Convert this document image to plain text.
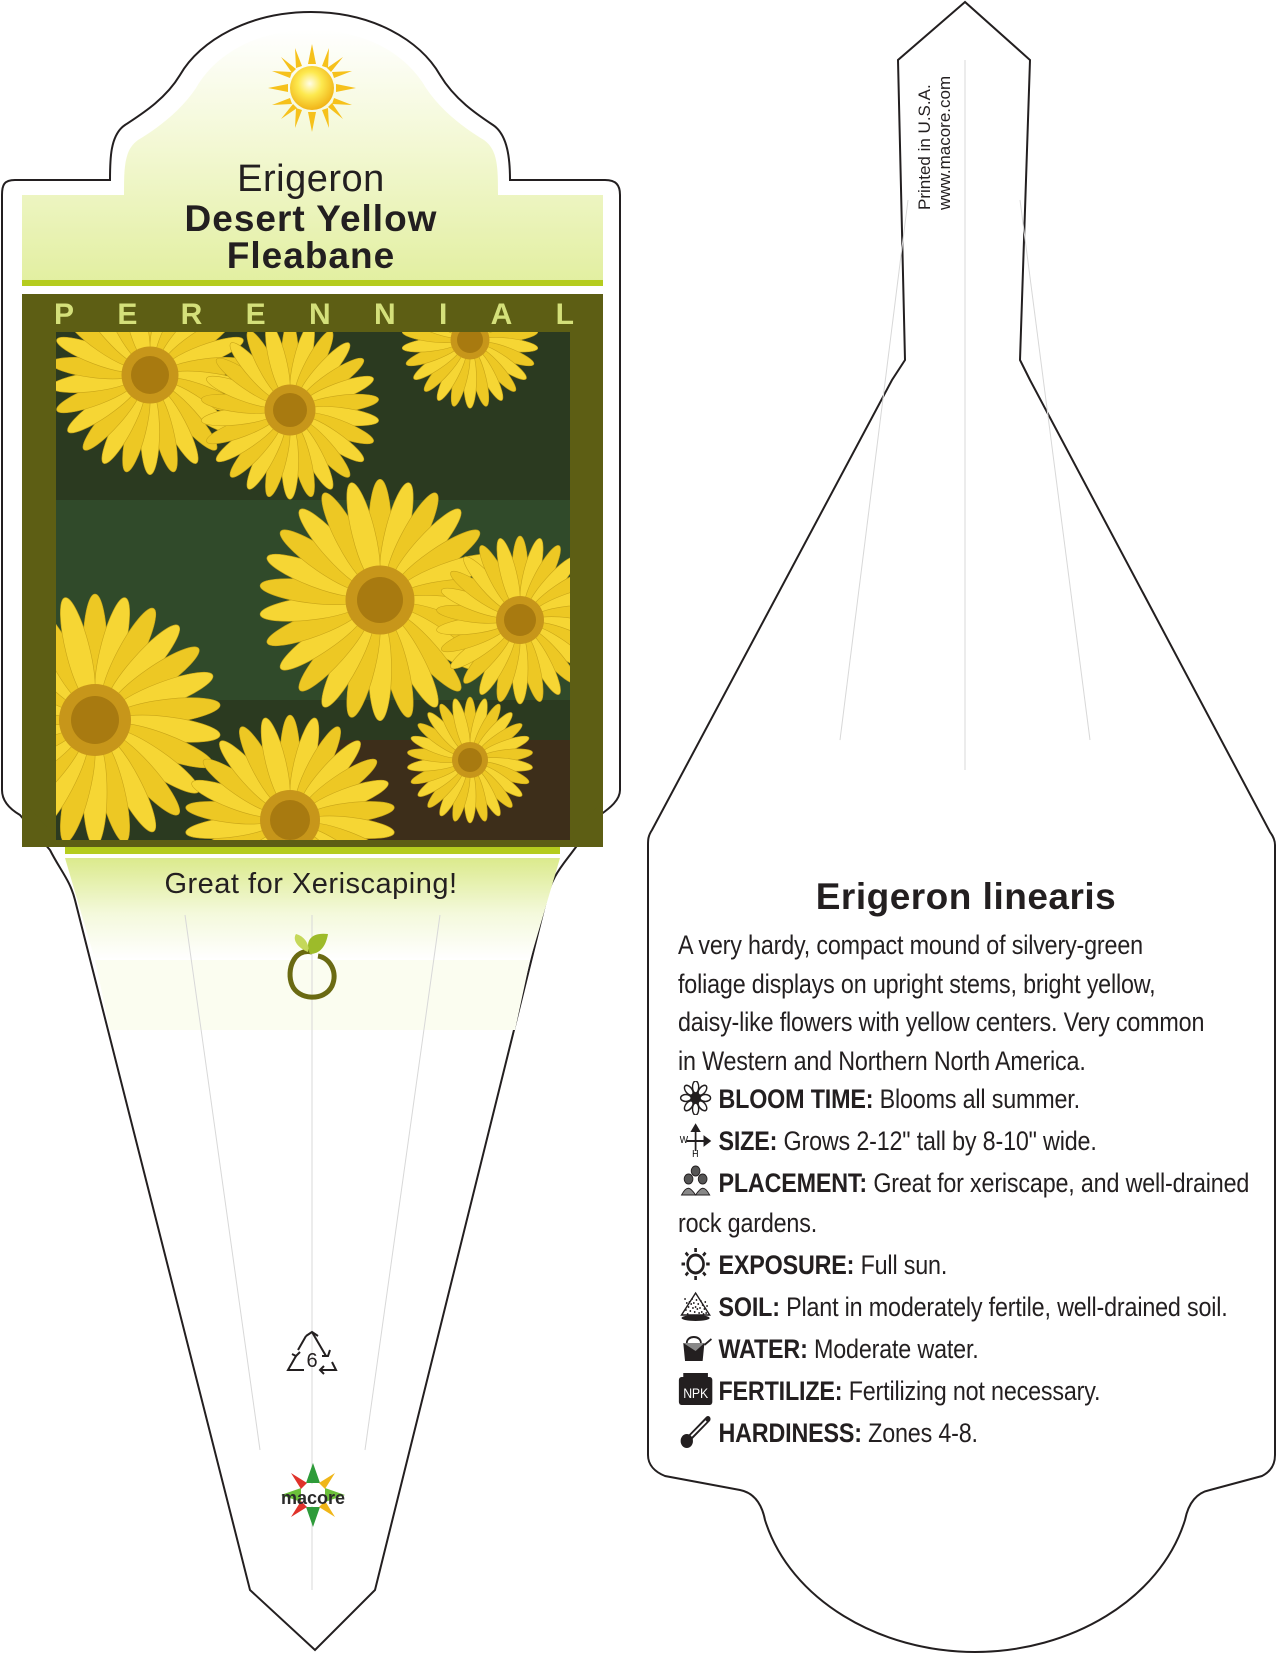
Erigeron
Desert Yellow
Fleabane
P E R E N N I A L
Great for Xeriscaping!
6
macore
Printed in U.S.A. www.macore.com
Erigeron linearis
A very hardy, compact mound of silvery-green foliage displays on upright stems, bright yellow, daisy-like flowers with yellow centers. Very common in Western and Northern North America.
BLOOM TIME: Blooms all summer.
W
H SIZE: Grows 2-12" tall by 8-10" wide.
PLACEMENT: Great for xeriscape, and well-drained
rock gardens.
EXPOSURE: Full sun.
SOIL: Plant in moderately fertile, well-drained soil.
WATER: Moderate water.
NPK FERTILIZE: Fertilizing not necessary.
HARDINESS: Zones 4-8.
